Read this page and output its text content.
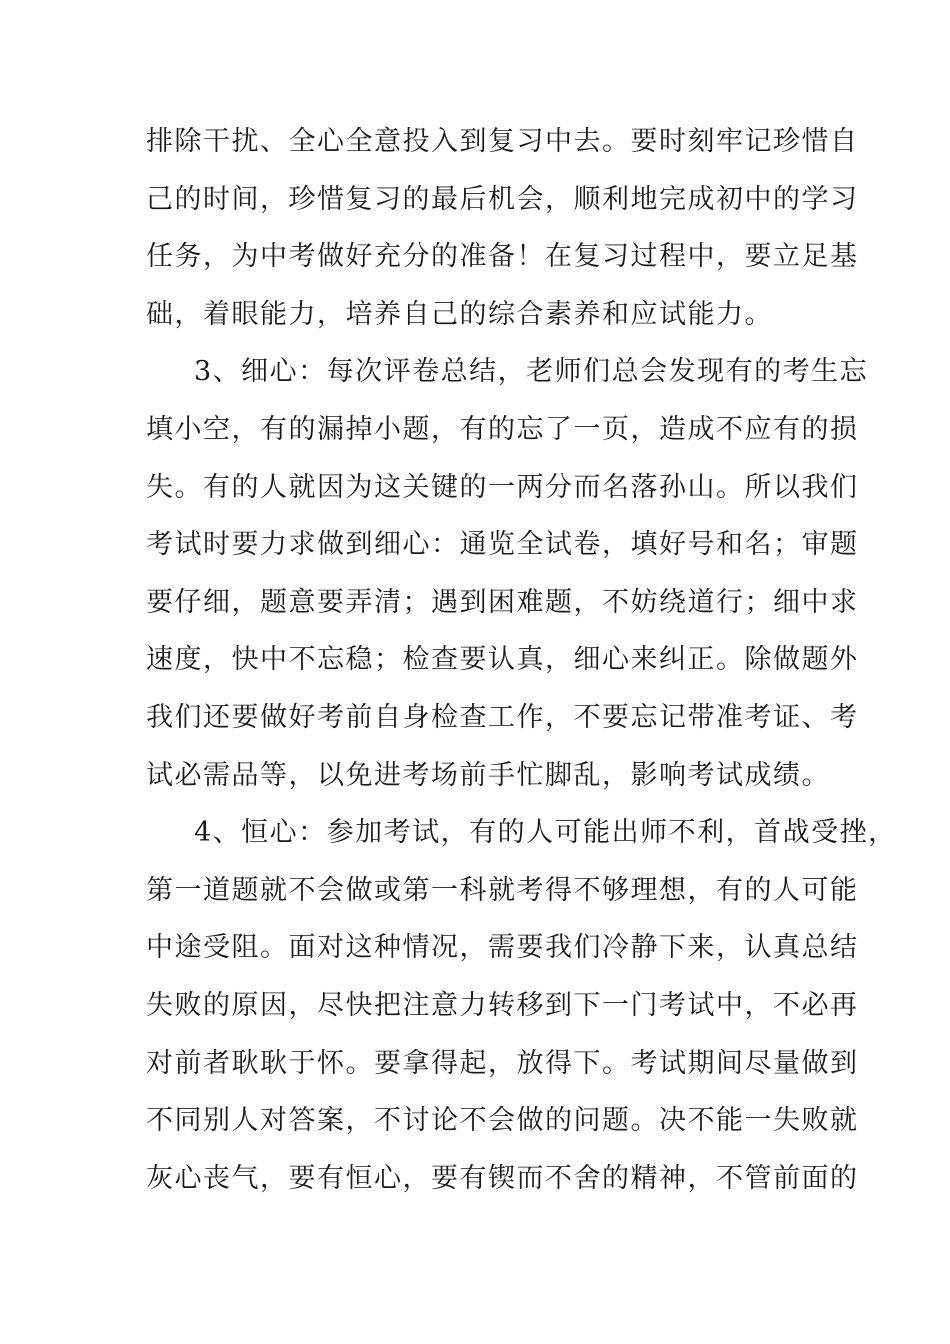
排除干扰、全心全意投入到复习中去。要时刻牢记珍惜自
己的时间，珍惜复习的最后机会，顺利地完成初中的学习
任务，为中考做好充分的准备！在复习过程中，要立足基
础，着眼能力，培养自己的综合素养和应试能力。
3、细心：每次评卷总结，老师们总会发现有的考生忘
填小空，有的漏掉小题，有的忘了一页，造成不应有的损
失。有的人就因为这关键的一两分而名落孙山。所以我们
考试时要力求做到细心：通览全试卷，填好号和名；审题
要仔细，题意要弄清；遇到困难题，不妨绕道行；细中求
速度，快中不忘稳；检查要认真，细心来纠正。除做题外
我们还要做好考前自身检查工作，不要忘记带准考证、考
试必需品等，以免进考场前手忙脚乱，影响考试成绩。
4、恒心：参加考试，有的人可能出师不利，首战受挫，
第一道题就不会做或第一科就考得不够理想，有的人可能
中途受阻。面对这种情况，需要我们冷静下来，认真总结
失败的原因，尽快把注意力转移到下一门考试中，不必再
对前者耿耿于怀。要拿得起，放得下。考试期间尽量做到
不同别人对答案，不讨论不会做的问题。决不能一失败就
灰心丧气，要有恒心，要有锲而不舍的精神，不管前面的
